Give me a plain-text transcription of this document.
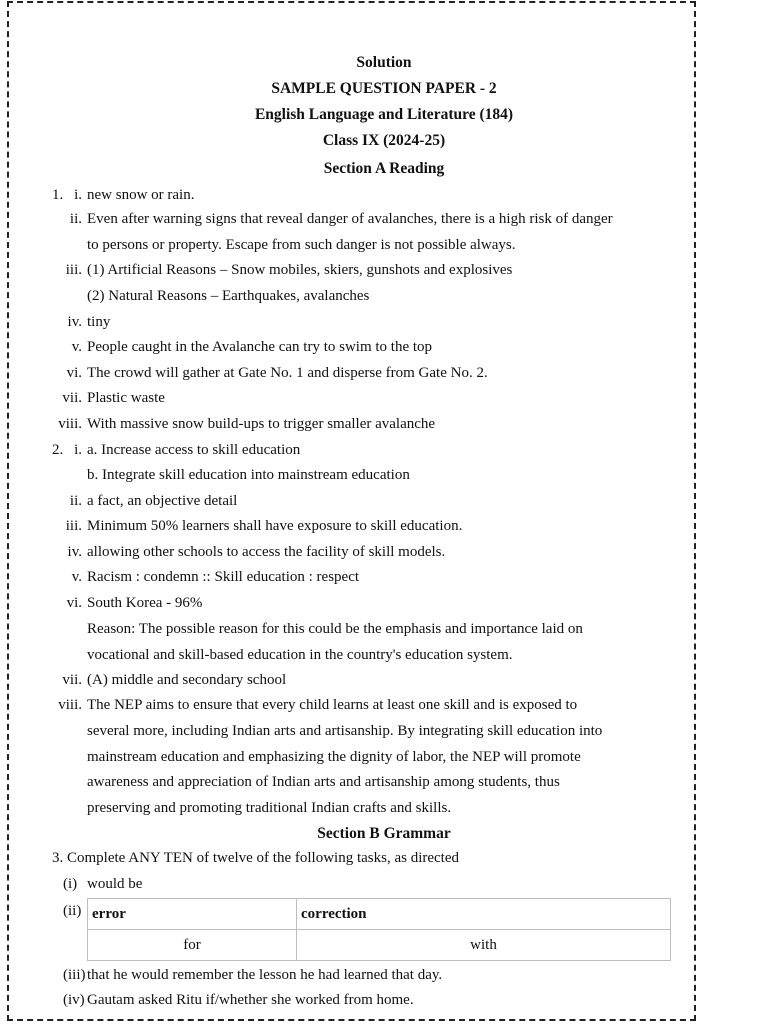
Solution
SAMPLE QUESTION PAPER - 2
English Language and Literature (184)
Class IX (2024-25)
Section A Reading
1. i. new snow or rain.
ii. Even after warning signs that reveal danger of avalanches, there is a high risk of danger
to persons or property. Escape from such danger is not possible always.
iii. (1) Artificial Reasons – Snow mobiles, skiers, gunshots and explosives
(2) Natural Reasons – Earthquakes, avalanches
iv. tiny
v. People caught in the Avalanche can try to swim to the top
vi. The crowd will gather at Gate No. 1 and disperse from Gate No. 2.
vii. Plastic waste
viii. With massive snow build-ups to trigger smaller avalanche
2. i. a. Increase access to skill education
b. Integrate skill education into mainstream education
ii. a fact, an objective detail
iii. Minimum 50% learners shall have exposure to skill education.
iv. allowing other schools to access the facility of skill models.
v. Racism : condemn :: Skill education : respect
vi. South Korea - 96%
Reason: The possible reason for this could be the emphasis and importance laid on
vocational and skill-based education in the country's education system.
vii. (A) middle and secondary school
viii. The NEP aims to ensure that every child learns at least one skill and is exposed to
several more, including Indian arts and artisanship. By integrating skill education into
mainstream education and emphasizing the dignity of labor, the NEP will promote
awareness and appreciation of Indian arts and artisanship among students, thus
preserving and promoting traditional Indian crafts and skills.
Section B Grammar
3. Complete ANY TEN of twelve of the following tasks, as directed
(i) would be
(ii) error	correction
for	with
(iii) that he would remember the lesson he had learned that day.
(iv) Gautam asked Ritu if/whether she worked from home.
